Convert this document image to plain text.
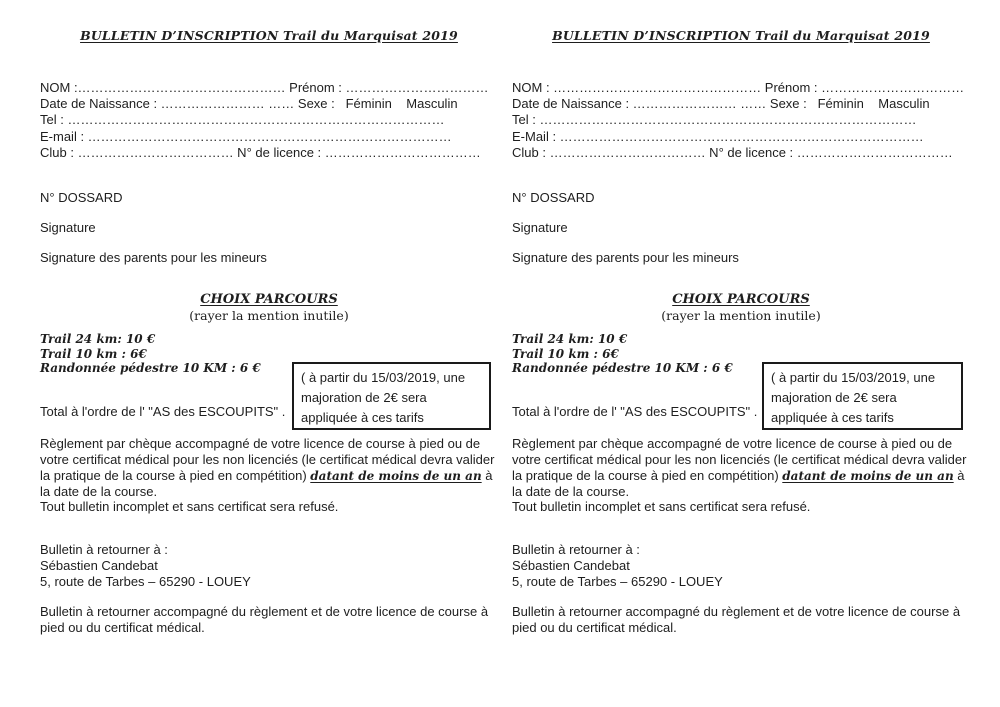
BULLETIN D’INSCRIPTION Trail du Marquisat 2019
NOM :………………………………………… Prénom : ……………………………
Date de Naissance : …………………… …… Sexe :   Féminin    Masculin
Tel : ……………………………………………………………………………
E-mail : …………………………………………………………………………
Club : ……………………………… N° de licence : ………………………………
N° DOSSARD
Signature
Signature des parents pour les mineurs
CHOIX PARCOURS
(rayer la mention inutile)
Trail 24 km: 10 €
Trail 10 km : 6€
Randonnée pédestre 10 KM : 6 €
Total à l'ordre de l' "AS des ESCOUPITS" .
( à partir du 15/03/2019, une majoration de 2€ sera appliquée à ces tarifs
Règlement par chèque accompagné de votre licence de course à pied ou de votre certificat médical pour les non licenciés (le certificat médical devra valider la pratique de la course à pied en compétition) datant de moins de un an à la date de la course.
Tout bulletin incomplet et sans certificat sera refusé.
Bulletin à retourner à :
Sébastien Candebat
5, route de Tarbes – 65290 - LOUEY
Bulletin à retourner accompagné du règlement et de votre licence de course à pied ou du certificat médical.
BULLETIN D’INSCRIPTION Trail du Marquisat 2019
NOM : ………………………………………… Prénom : ……………………………
Date de Naissance : …………………… …… Sexe :   Féminin    Masculin
Tel : ……………………………………………………………………………
E-Mail : …………………………………………………………………………
Club : ……………………………… N° de licence : ………………………………
N° DOSSARD
Signature
Signature des parents pour les mineurs
CHOIX PARCOURS
(rayer la mention inutile)
Trail 24 km: 10 €
Trail 10 km : 6€
Randonnée pédestre 10 KM : 6 €
Total à l'ordre de l' "AS des ESCOUPITS" .
( à partir du 15/03/2019, une majoration de 2€ sera appliquée à ces tarifs
Règlement par chèque accompagné de votre licence de course à pied ou de votre certificat médical pour les non licenciés (le certificat médical devra valider la pratique de la course à pied en compétition) datant de moins de un an à la date de la course.
Tout bulletin incomplet et sans certificat sera refusé.
Bulletin à retourner à :
Sébastien Candebat
5, route de Tarbes – 65290 - LOUEY
Bulletin à retourner accompagné du règlement et de votre licence de course à pied ou du certificat médical.
